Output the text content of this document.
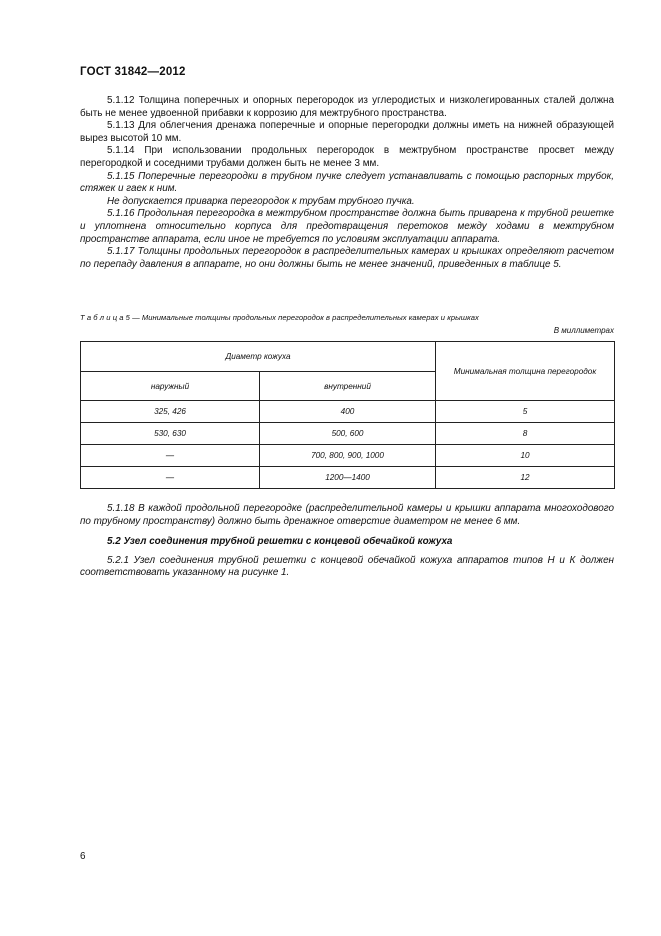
ГОСТ 31842—2012

5.1.12 Толщина поперечных и опорных перегородок из углеродистых и низколегированных сталей должна быть не менее удвоенной прибавки к коррозию для межтрубного пространства.

5.1.13 Для облегчения дренажа поперечные и опорные перегородки должны иметь на нижней образующей вырез высотой 10 мм.

5.1.14 При использовании продольных перегородок в межтрубном пространстве просвет между перегородкой и соседними трубами должен быть не менее 3 мм.

5.1.15 Поперечные перегородки в трубном пучке следует устанавливать с помощью распорных трубок, стяжек и гаек к ним.

Не допускается приварка перегородок к трубам трубного пучка.

5.1.16 Продольная перегородка в межтрубном пространстве должна быть приварена к трубной решетке и уплотнена относительно корпуса для предотвращения перетоков между ходами в межтрубном пространстве аппарата, если иное не требуется по условиям эксплуатации аппарата.

5.1.17 Толщины продольных перегородок в распределительных камерах и крышках определяют расчетом по перепаду давления в аппарате, но они должны быть не менее значений, приведенных в таблице 5.

Т а б л и ц а 5 — Минимальные толщины продольных перегородок в распределительных камерах и крышках
В миллиметрах
Диаметр кожуха		Минимальная толщина перегородок
наружный	внутренний	
325, 426	400	5
530, 630	500, 600	8
—	700, 800, 900, 1000	10
—	1200—1400	12

5.1.18 В каждой продольной перегородке (распределительной камеры и крышки аппарата многоходового по трубному пространству) должно быть дренажное отверстие диаметром не менее 6 мм.

5.2 Узел соединения трубной решетки с концевой обечайкой кожуха

5.2.1 Узел соединения трубной решетки с концевой обечайкой кожуха аппаратов типов Н и К должен соответствовать указанному на рисунке 1.

6
